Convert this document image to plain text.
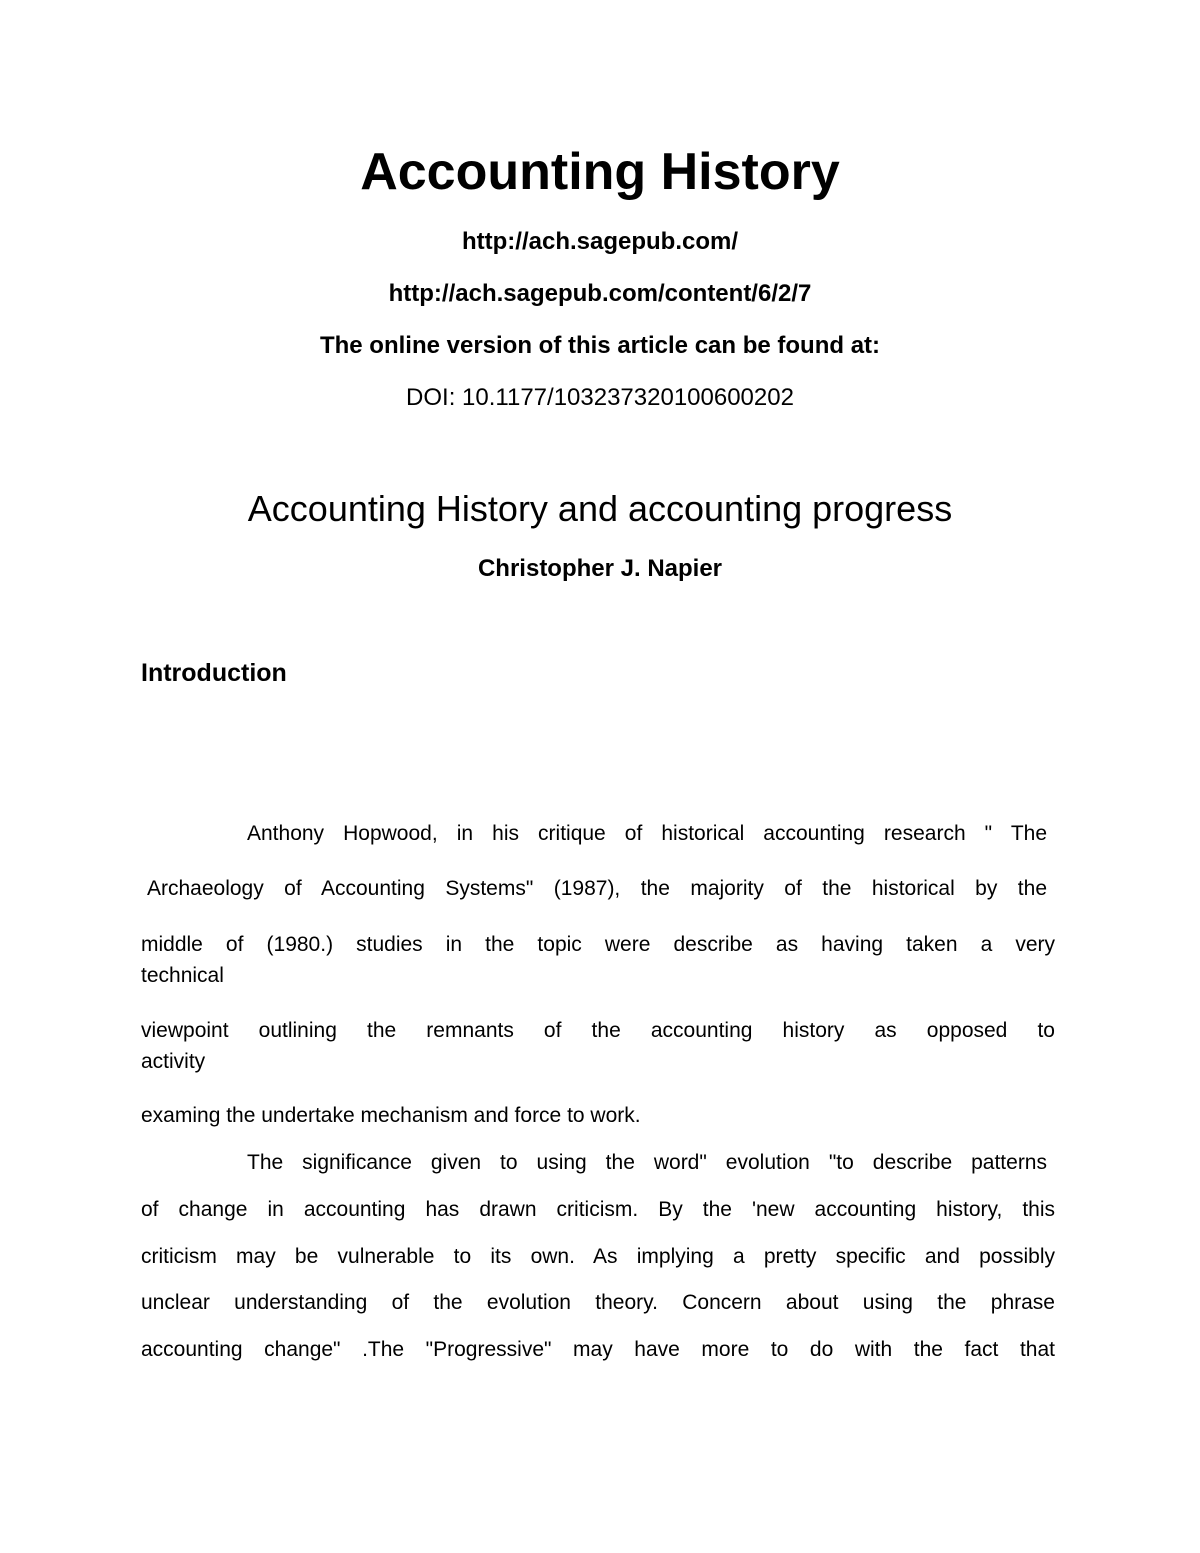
Accounting History
http://ach.sagepub.com/
http://ach.sagepub.com/content/6/2/7
The online version of this article can be found at:
DOI: 10.1177/103237320100600202
Accounting History and accounting progress
Christopher J. Napier
Introduction
Anthony Hopwood, in his critique of historical accounting research " The
Archaeology of Accounting Systems" (1987), the majority of the historical by the
middle of (1980.) studies in the topic were describe as having taken a very
technical
viewpoint outlining the remnants of the accounting history as opposed to
activity
examing the undertake mechanism and force to work.
The significance given to using the word" evolution "to describe patterns
of change in accounting has drawn criticism. By the 'new accounting history, this
criticism may be vulnerable to its own. As implying a pretty specific and possibly
unclear understanding of the evolution theory. Concern about using the phrase
accounting change" .The "Progressive" may have more to do with the fact that
